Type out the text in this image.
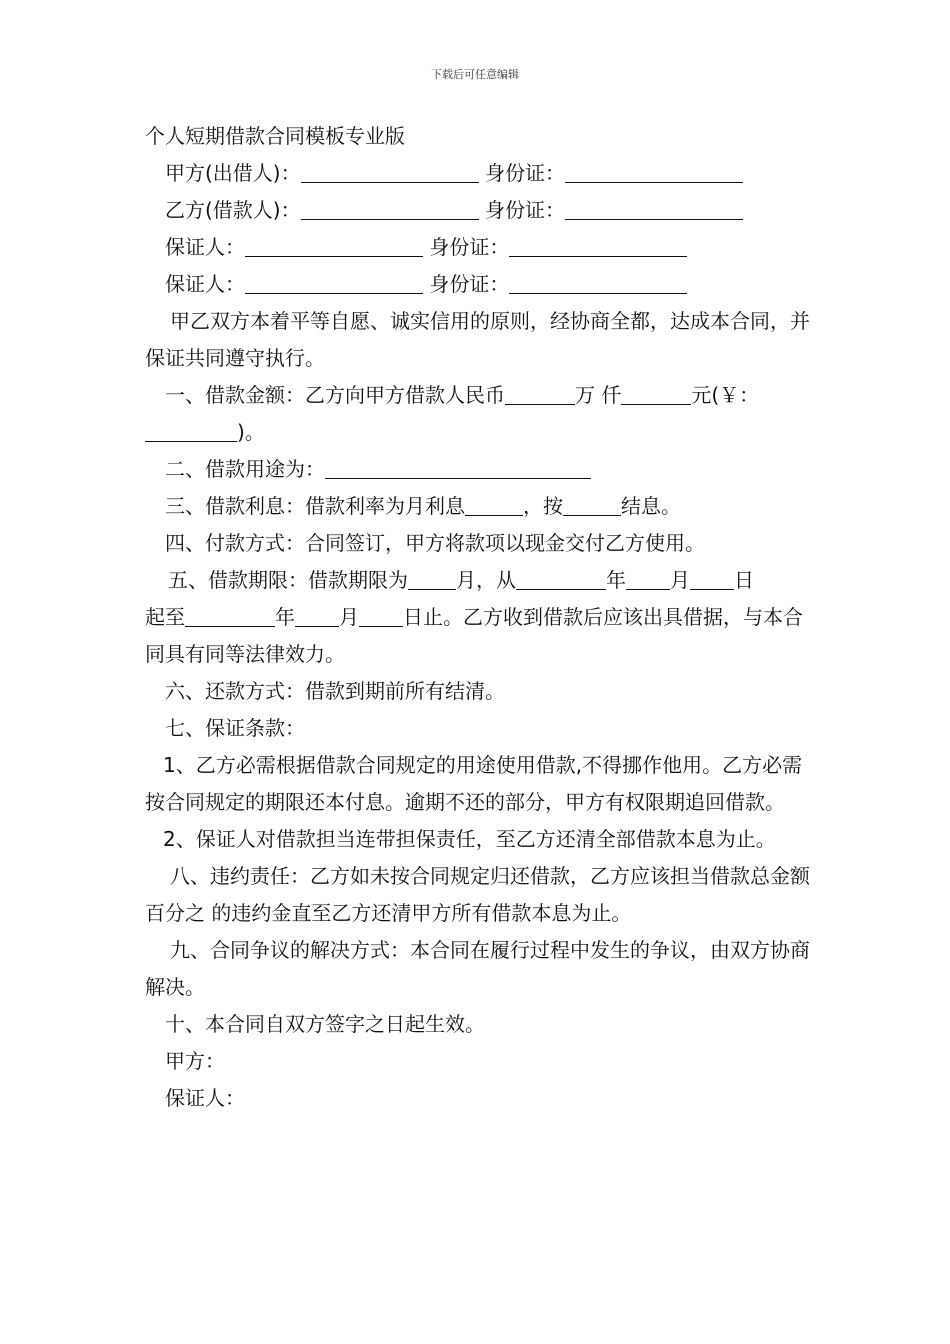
下载后可任意编辑

个人短期借款合同模板专业版

甲方(出借人)：	身份证：

乙方(借款人)：	身份证：

保证人：	身份证：

保证人：	身份证：

甲乙双方本着平等自愿、诚实信用的原则，经协商全都，达成本合同，并保证共同遵守执行。

一、借款金额：乙方向甲方借款人民币	万 仟	元(￥：

)。

二、借款用途为：

三、借款利息：借款利率为月利息	，按	结息。

四、付款方式：合同签订，甲方将款项以现金交付乙方使用。

五、借款期限：借款期限为 月，从	年 月 日

起至	年 月 日止。乙方收到借款后应该出具借据，与本合同具有同等法律效力。

六、还款方式：借款到期前所有结清。

七、保证条款：

1、乙方必需根据借款合同规定的用途使用借款,不得挪作他用。乙方必需按合同规定的期限还本付息。逾期不还的部分，甲方有权限期追回借款。

2、保证人对借款担当连带担保责任，至乙方还清全部借款本息为止。

八、违约责任：乙方如未按合同规定归还借款，乙方应该担当借款总金额百分之 的违约金直至乙方还清甲方所有借款本息为止。

九、合同争议的解决方式：本合同在履行过程中发生的争议，由双方协商解决。

十、本合同自双方签字之日起生效。

甲方：

保证人：
